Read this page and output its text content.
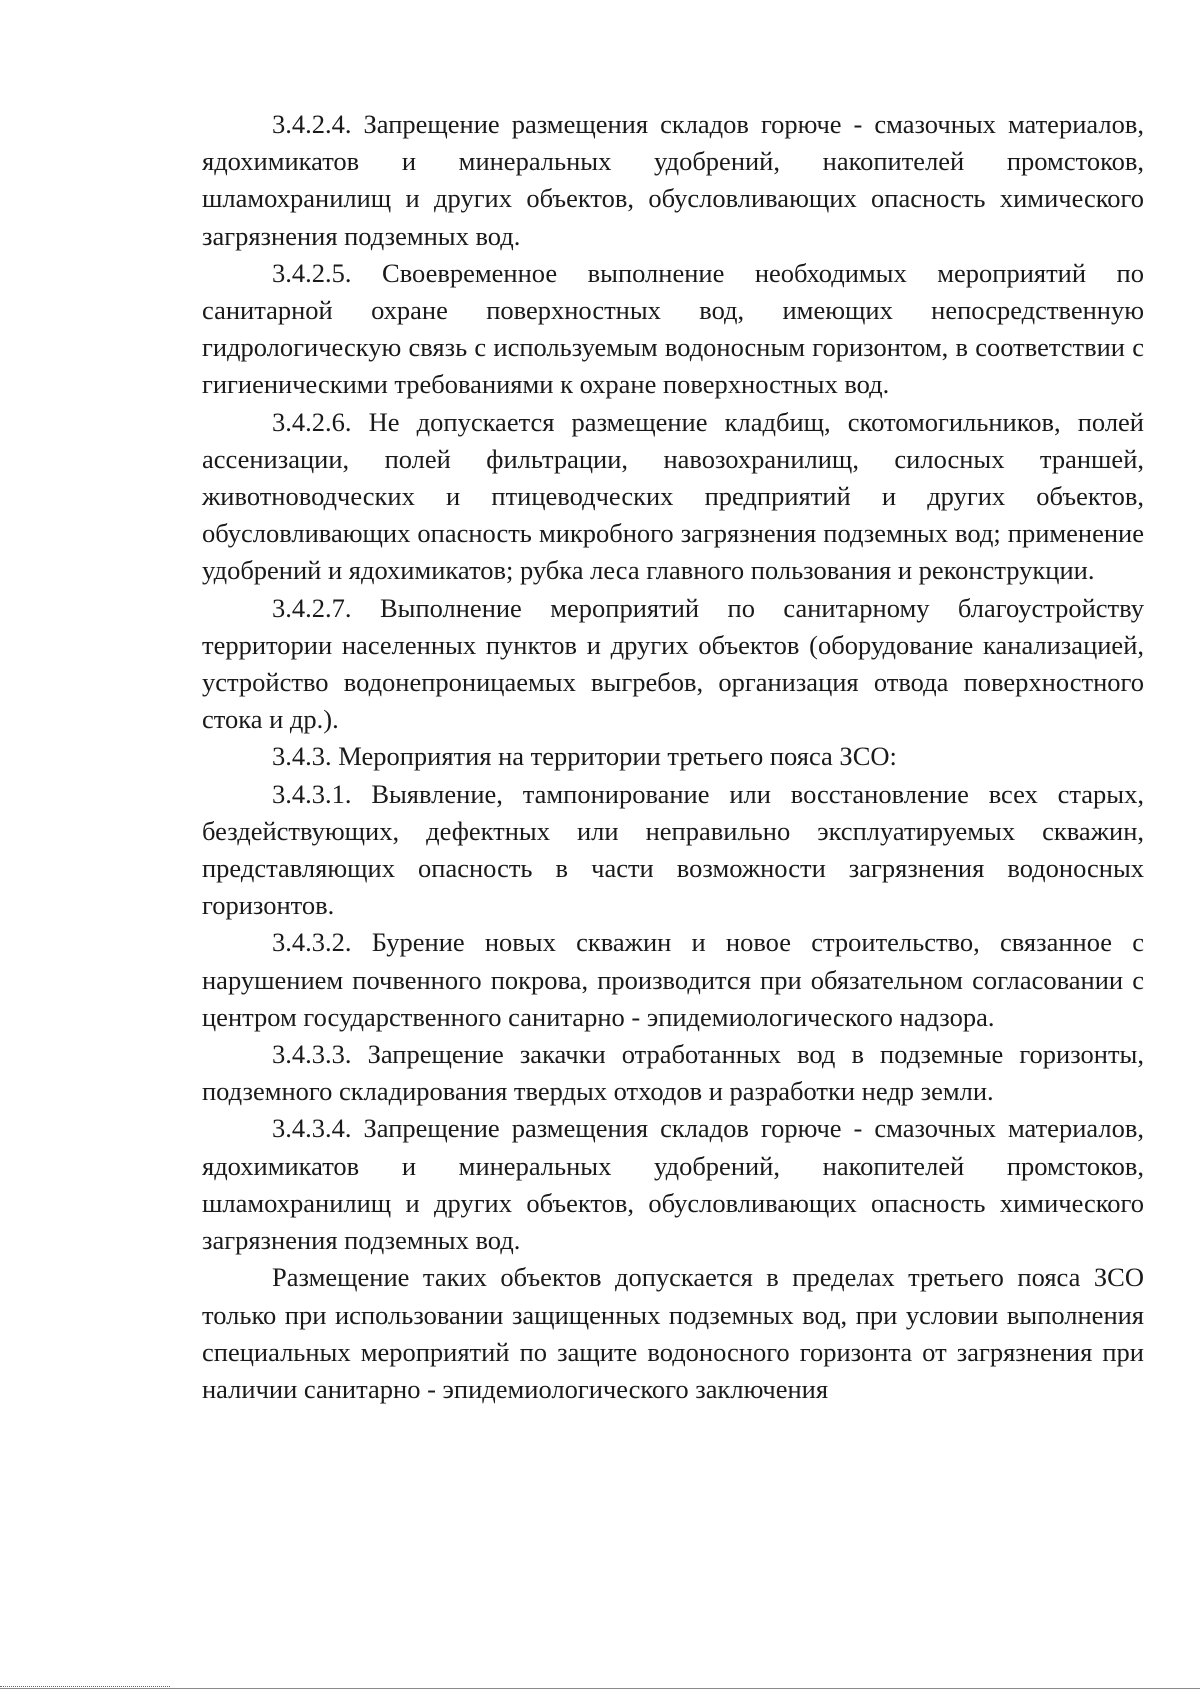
3.4.2.4. Запрещение размещения складов горюче - смазочных материалов, ядохимикатов и минеральных удобрений, накопителей промстоков, шламохранилищ и других объектов, обусловливающих опасность химического загрязнения подземных вод.

3.4.2.5. Своевременное выполнение необходимых мероприятий по санитарной охране поверхностных вод, имеющих непосредственную гидрологическую связь с используемым водоносным горизонтом, в соответствии с гигиеническими требованиями к охране поверхностных вод.

3.4.2.6. Не допускается размещение кладбищ, скотомогильников, полей ассенизации, полей фильтрации, навозохранилищ, силосных траншей, животноводческих и птицеводческих предприятий и других объектов, обусловливающих опасность микробного загрязнения подземных вод; применение удобрений и ядохимикатов; рубка леса главного пользования и реконструкции.

3.4.2.7. Выполнение мероприятий по санитарному благоустройству территории населенных пунктов и других объектов (оборудование канализацией, устройство водонепроницаемых выгребов, организация отвода поверхностного стока и др.).

3.4.3. Мероприятия на территории третьего пояса ЗСО:

3.4.3.1. Выявление, тампонирование или восстановление всех старых, бездействующих, дефектных или неправильно эксплуатируемых скважин, представляющих опасность в части возможности загрязнения водоносных горизонтов.

3.4.3.2. Бурение новых скважин и новое строительство, связанное с нарушением почвенного покрова, производится при обязательном согласовании с центром государственного санитарно - эпидемиологического надзора.

3.4.3.3. Запрещение закачки отработанных вод в подземные горизонты, подземного складирования твердых отходов и разработки недр земли.

3.4.3.4. Запрещение размещения складов горюче - смазочных материалов, ядохимикатов и минеральных удобрений, накопителей промстоков, шламохранилищ и других объектов, обусловливающих опасность химического загрязнения подземных вод.

Размещение таких объектов допускается в пределах третьего пояса ЗСО только при использовании защищенных подземных вод, при условии выполнения специальных мероприятий по защите водоносного горизонта от загрязнения при наличии санитарно - эпидемиологического заключения
